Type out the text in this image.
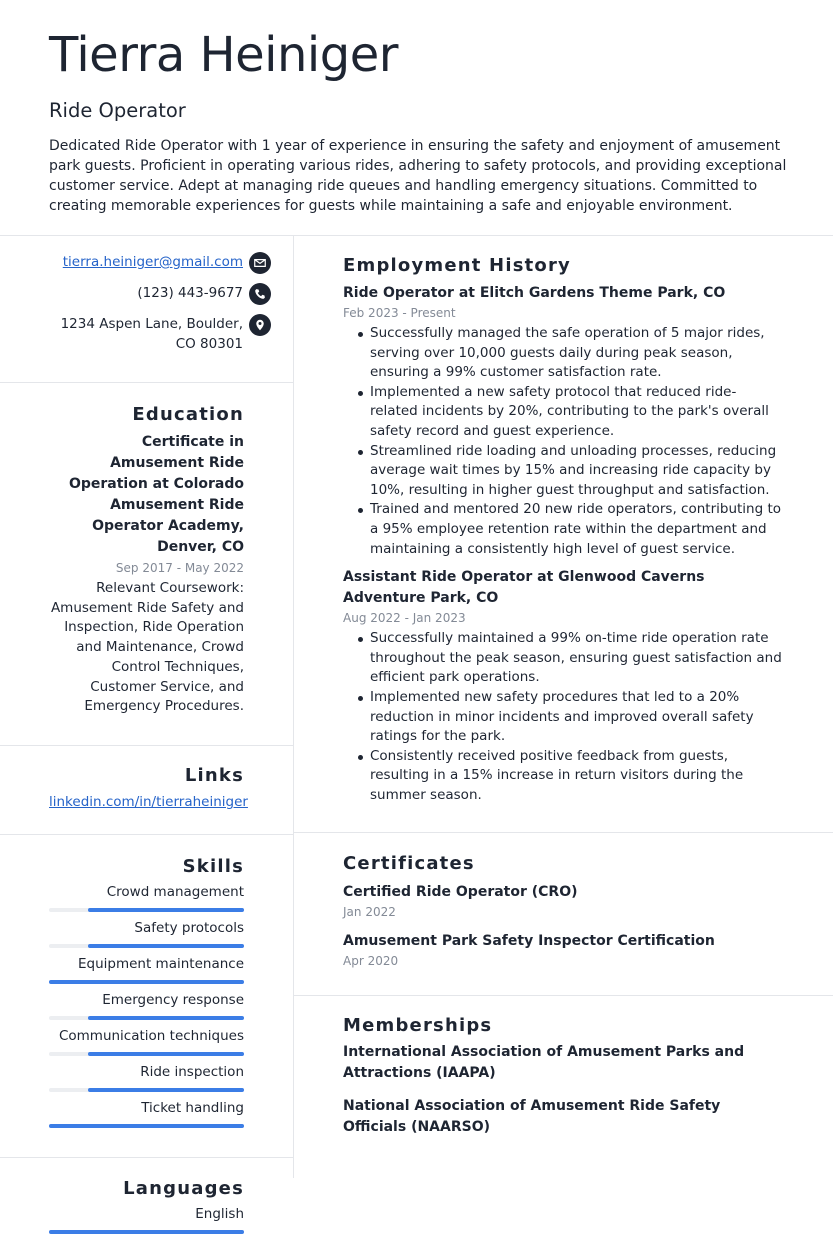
Tierra Heiniger
Ride Operator

Dedicated Ride Operator with 1 year of experience in ensuring the safety and enjoyment of amusement park guests. Proficient in operating various rides, adhering to safety protocols, and providing exceptional customer service. Adept at managing ride queues and handling emergency situations. Committed to creating memorable experiences for guests while maintaining a safe and enjoyable environment.

tierra.heiniger@gmail.com
(123) 443-9677
1234 Aspen Lane, Boulder, CO 80301
Education
Certificate in Amusement Ride Operation at Colorado Amusement Ride Operator Academy, Denver, CO
Sep 2017 - May 2022
Relevant Coursework: Amusement Ride Safety and Inspection, Ride Operation and Maintenance, Crowd Control Techniques, Customer Service, and Emergency Procedures.
Links
linkedin.com/in/tierraheiniger
Skills
Crowd management
Safety protocols
Equipment maintenance
Emergency response
Communication techniques
Ride inspection
Ticket handling
Languages
English
Employment History
Ride Operator at Elitch Gardens Theme Park, CO
Feb 2023 - Present
Successfully managed the safe operation of 5 major rides, serving over 10,000 guests daily during peak season, ensuring a 99% customer satisfaction rate.
Implemented a new safety protocol that reduced ride-related incidents by 20%, contributing to the park's overall safety record and guest experience.
Streamlined ride loading and unloading processes, reducing average wait times by 15% and increasing ride capacity by 10%, resulting in higher guest throughput and satisfaction.
Trained and mentored 20 new ride operators, contributing to a 95% employee retention rate within the department and maintaining a consistently high level of guest service.
Assistant Ride Operator at Glenwood Caverns Adventure Park, CO
Aug 2022 - Jan 2023
Successfully maintained a 99% on-time ride operation rate throughout the peak season, ensuring guest satisfaction and efficient park operations.
Implemented new safety procedures that led to a 20% reduction in minor incidents and improved overall safety ratings for the park.
Consistently received positive feedback from guests, resulting in a 15% increase in return visitors during the summer season.
Certificates
Certified Ride Operator (CRO)
Jan 2022
Amusement Park Safety Inspector Certification
Apr 2020
Memberships
International Association of Amusement Parks and Attractions (IAAPA)
National Association of Amusement Ride Safety Officials (NAARSO)
